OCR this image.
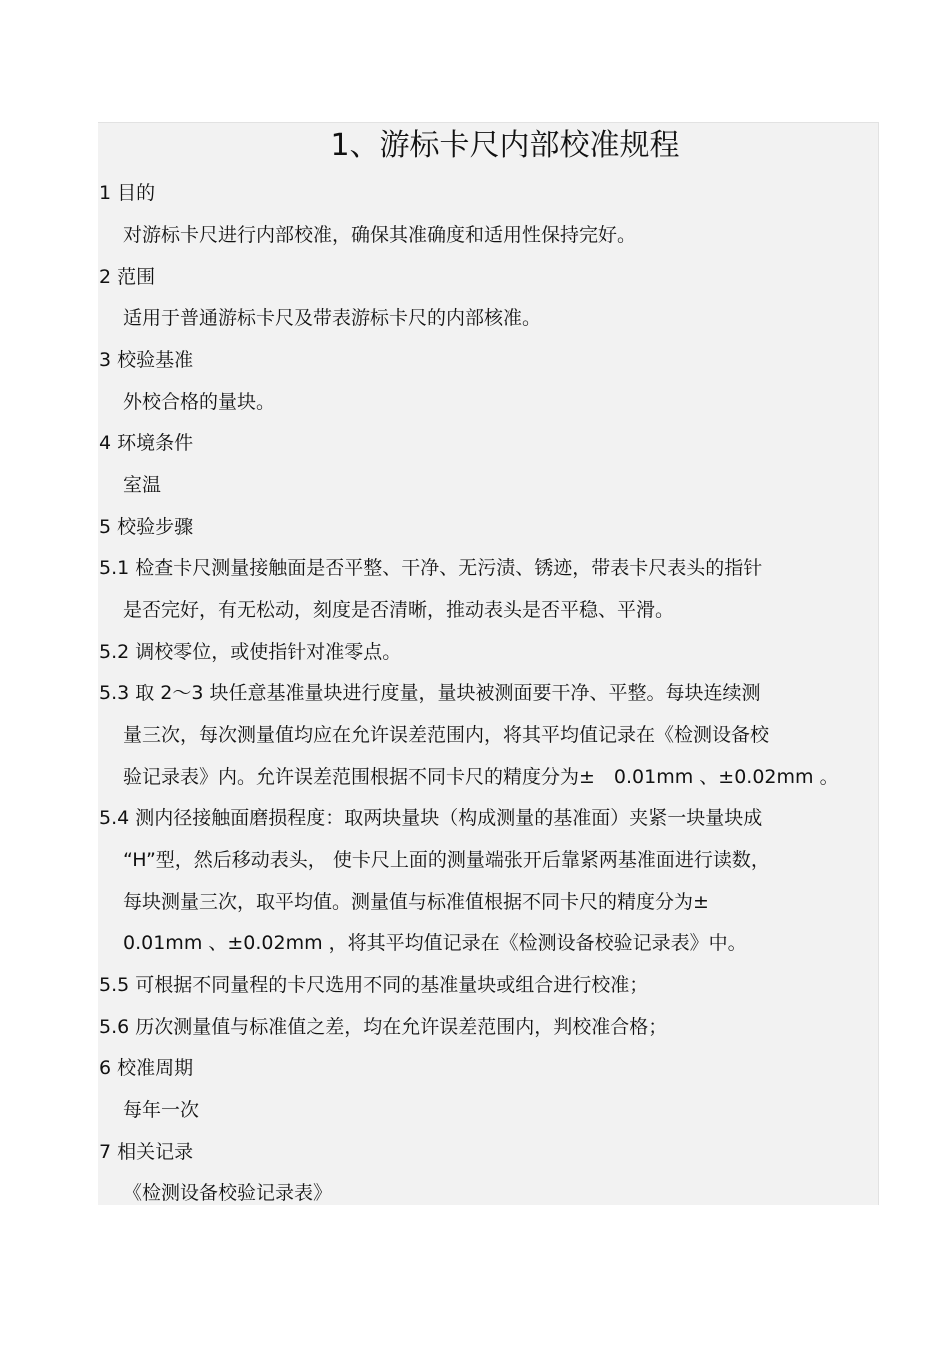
1、游标卡尺内部校准规程
1 目的
对游标卡尺进行内部校准，确保其准确度和适用性保持完好。
2 范围
适用于普通游标卡尺及带表游标卡尺的内部核准。
3 校验基准
外校合格的量块。
4 环境条件
室温
5 校验步骤
5.1 检查卡尺测量接触面是否平整、干净、无污渍、锈迹，带表卡尺表头的指针
是否完好，有无松动，刻度是否清晰，推动表头是否平稳、平滑。
5.2 调校零位，或使指针对准零点。
5.3 取 2～3 块任意基准量块进行度量，量块被测面要干净、平整。每块连续测
量三次，每次测量值均应在允许误差范围内，将其平均值记录在《检测设备校
验记录表》内。允许误差范围根据不同卡尺的精度分为±　0.01mm 、±0.02mm 。
5.4 测内径接触面磨损程度：取两块量块（构成测量的基准面）夹紧一块量块成
“H”型，然后移动表头， 使卡尺上面的测量端张开后靠紧两基准面进行读数，
每块测量三次，取平均值。测量值与标准值根据不同卡尺的精度分为±
0.01mm 、±0.02mm ，将其平均值记录在《检测设备校验记录表》中。
5.5 可根据不同量程的卡尺选用不同的基准量块或组合进行校准；
5.6 历次测量值与标准值之差，均在允许误差范围内，判校准合格；
6 校准周期
每年一次
7 相关记录
《检测设备校验记录表》
